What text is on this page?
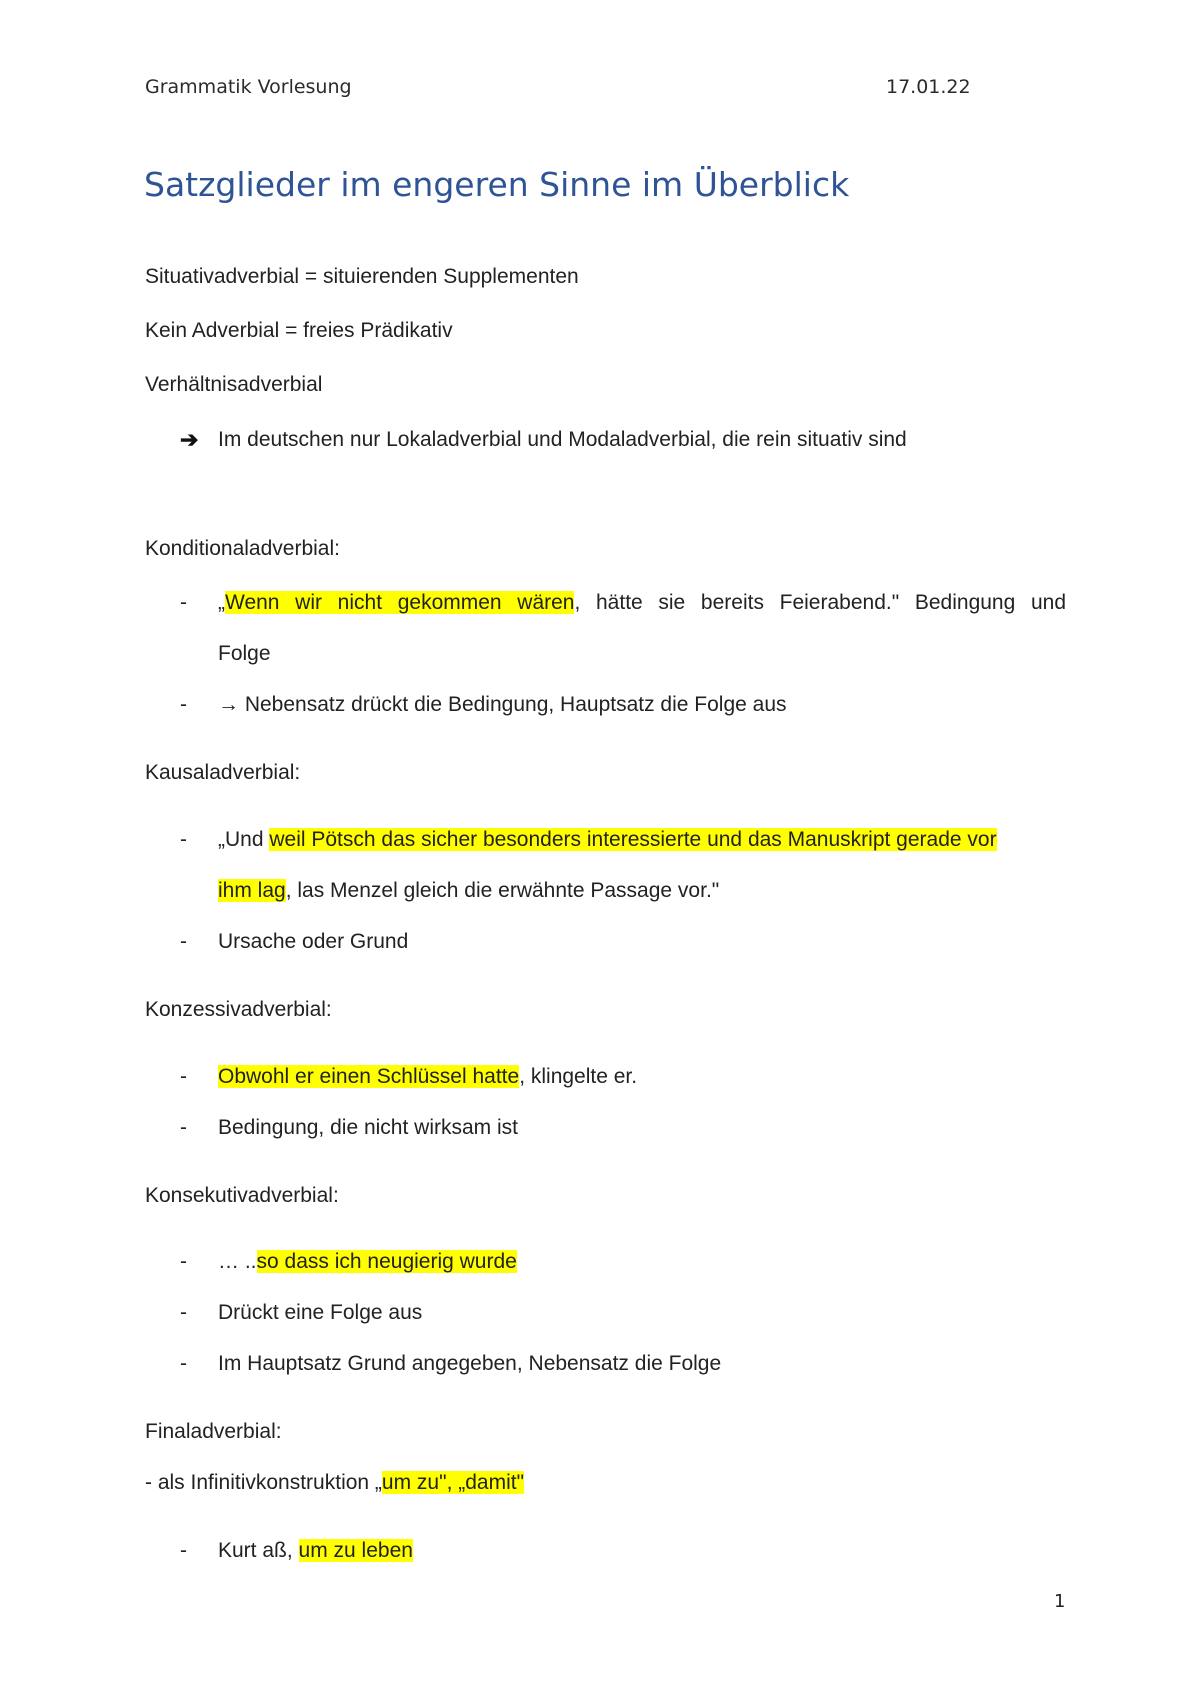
Grammatik Vorlesung	17.01.22
Satzglieder im engeren Sinne im Überblick
Situativadverbial = situierenden Supplementen
Kein Adverbial = freies Prädikativ
Verhältnisadverbial
➔ Im deutschen nur Lokaladverbial und Modaladverbial, die rein situativ sind
Konditionaladverbial:
- „Wenn wir nicht gekommen wären, hätte sie bereits Feierabend." Bedingung und
Folge
- → Nebensatz drückt die Bedingung, Hauptsatz die Folge aus
Kausaladverbial:
- „Und weil Pötsch das sicher besonders interessierte und das Manuskript gerade vor
ihm lag, las Menzel gleich die erwähnte Passage vor."
- Ursache oder Grund
Konzessivadverbial:
- Obwohl er einen Schlüssel hatte, klingelte er.
- Bedingung, die nicht wirksam ist
Konsekutivadverbial:
- … ..so dass ich neugierig wurde
- Drückt eine Folge aus
- Im Hauptsatz Grund angegeben, Nebensatz die Folge
Finaladverbial:
- als Infinitivkonstruktion „um zu", „damit"
- Kurt aß, um zu leben
1
